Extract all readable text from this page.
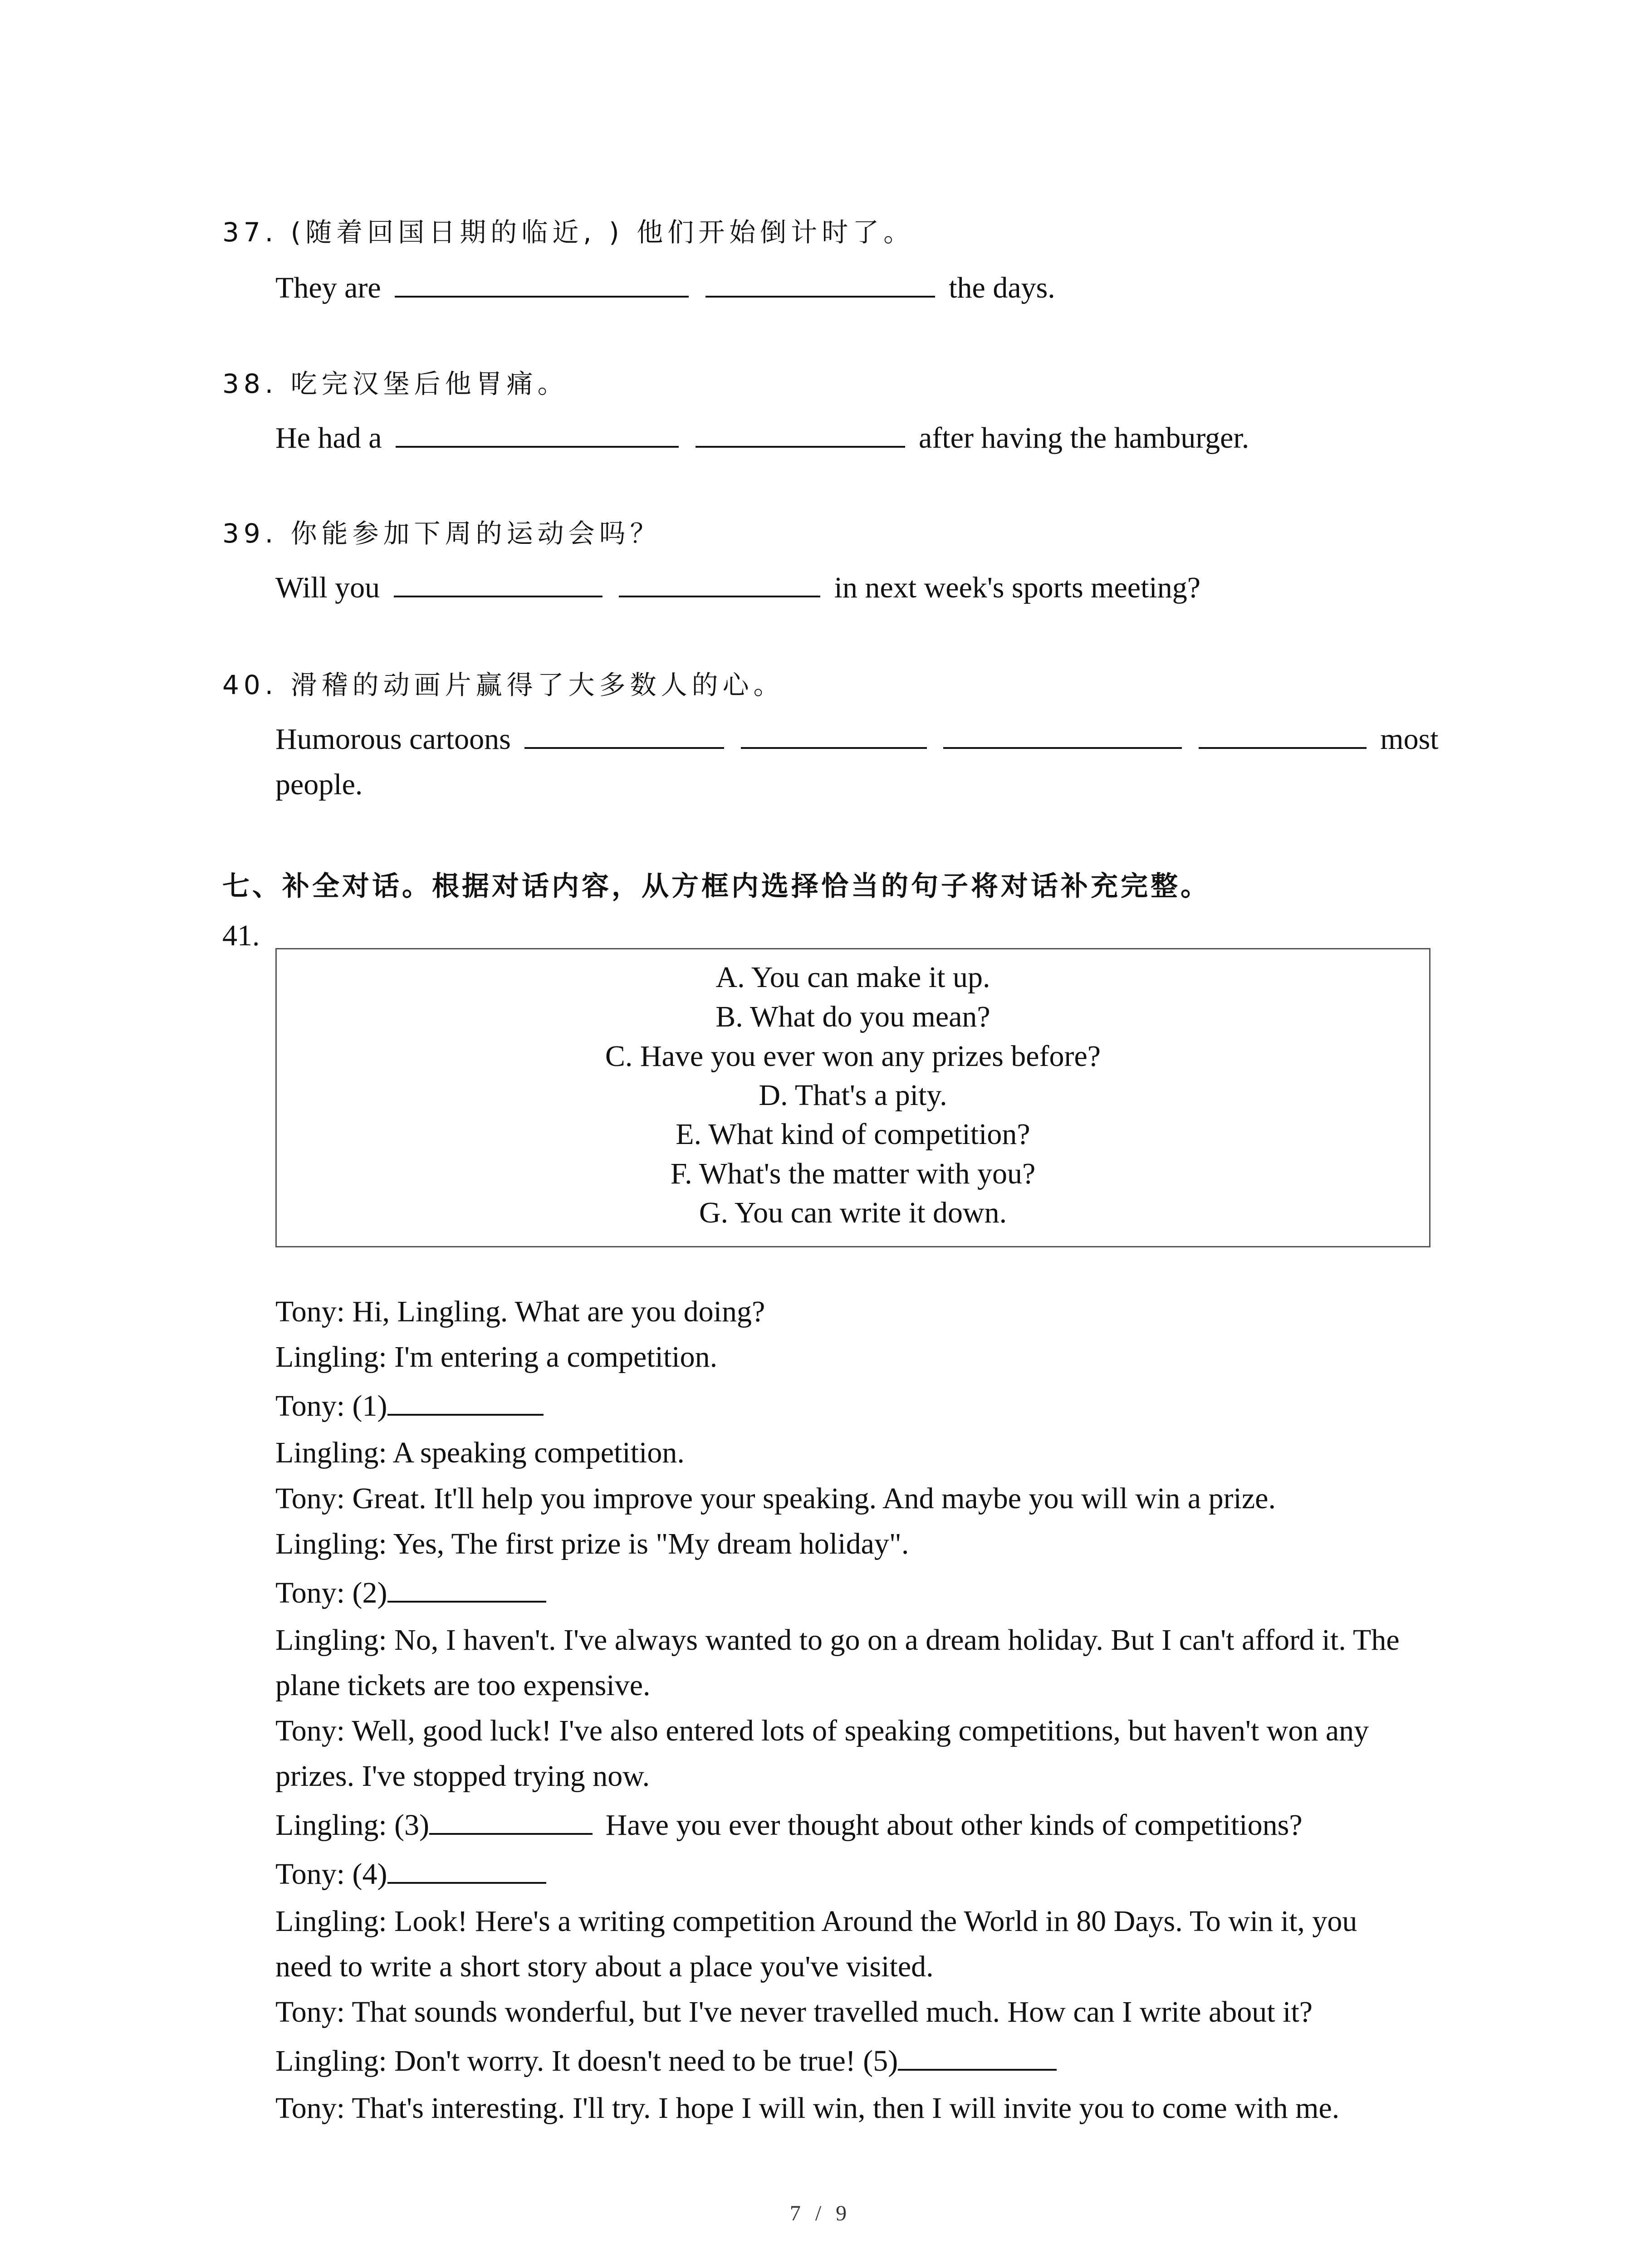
37. (随着回国日期的临近, ) 他们开始倒计时了。
They are	the days.
38. 吃完汉堡后他胃痛。
He had a	after having the hamburger.
39. 你能参加下周的运动会吗？
Will you	in next week's sports meeting?
40. 滑稽的动画片赢得了大多数人的心。
Humorous cartoons	most
people.
七、补全对话。根据对话内容，从方框内选择恰当的句子将对话补充完整。
41.
A. You can make it up.
B. What do you mean?
C. Have you ever won any prizes before?
D. That's a pity.
E. What kind of competition?
F. What's the matter with you?
G. You can write it down.
Tony: Hi, Lingling. What are you doing?
Lingling: I'm entering a competition.
Tony: (1)
Lingling: A speaking competition.
Tony: Great. It'll help you improve your speaking. And maybe you will win a prize.
Lingling: Yes, The first prize is "My dream holiday".
Tony: (2)
Lingling: No, I haven't. I've always wanted to go on a dream holiday. But I can't afford it. The
plane tickets are too expensive.
Tony: Well, good luck! I've also entered lots of speaking competitions, but haven't won any
prizes. I've stopped trying now.
Lingling: (3)	Have you ever thought about other kinds of competitions?
Tony: (4)
Lingling: Look! Here's a writing competition Around the World in 80 Days. To win it, you
need to write a short story about a place you've visited.
Tony: That sounds wonderful, but I've never travelled much. How can I write about it?
Lingling: Don't worry. It doesn't need to be true! (5)
Tony: That's interesting. I'll try. I hope I will win, then I will invite you to come with me.
7 / 9
